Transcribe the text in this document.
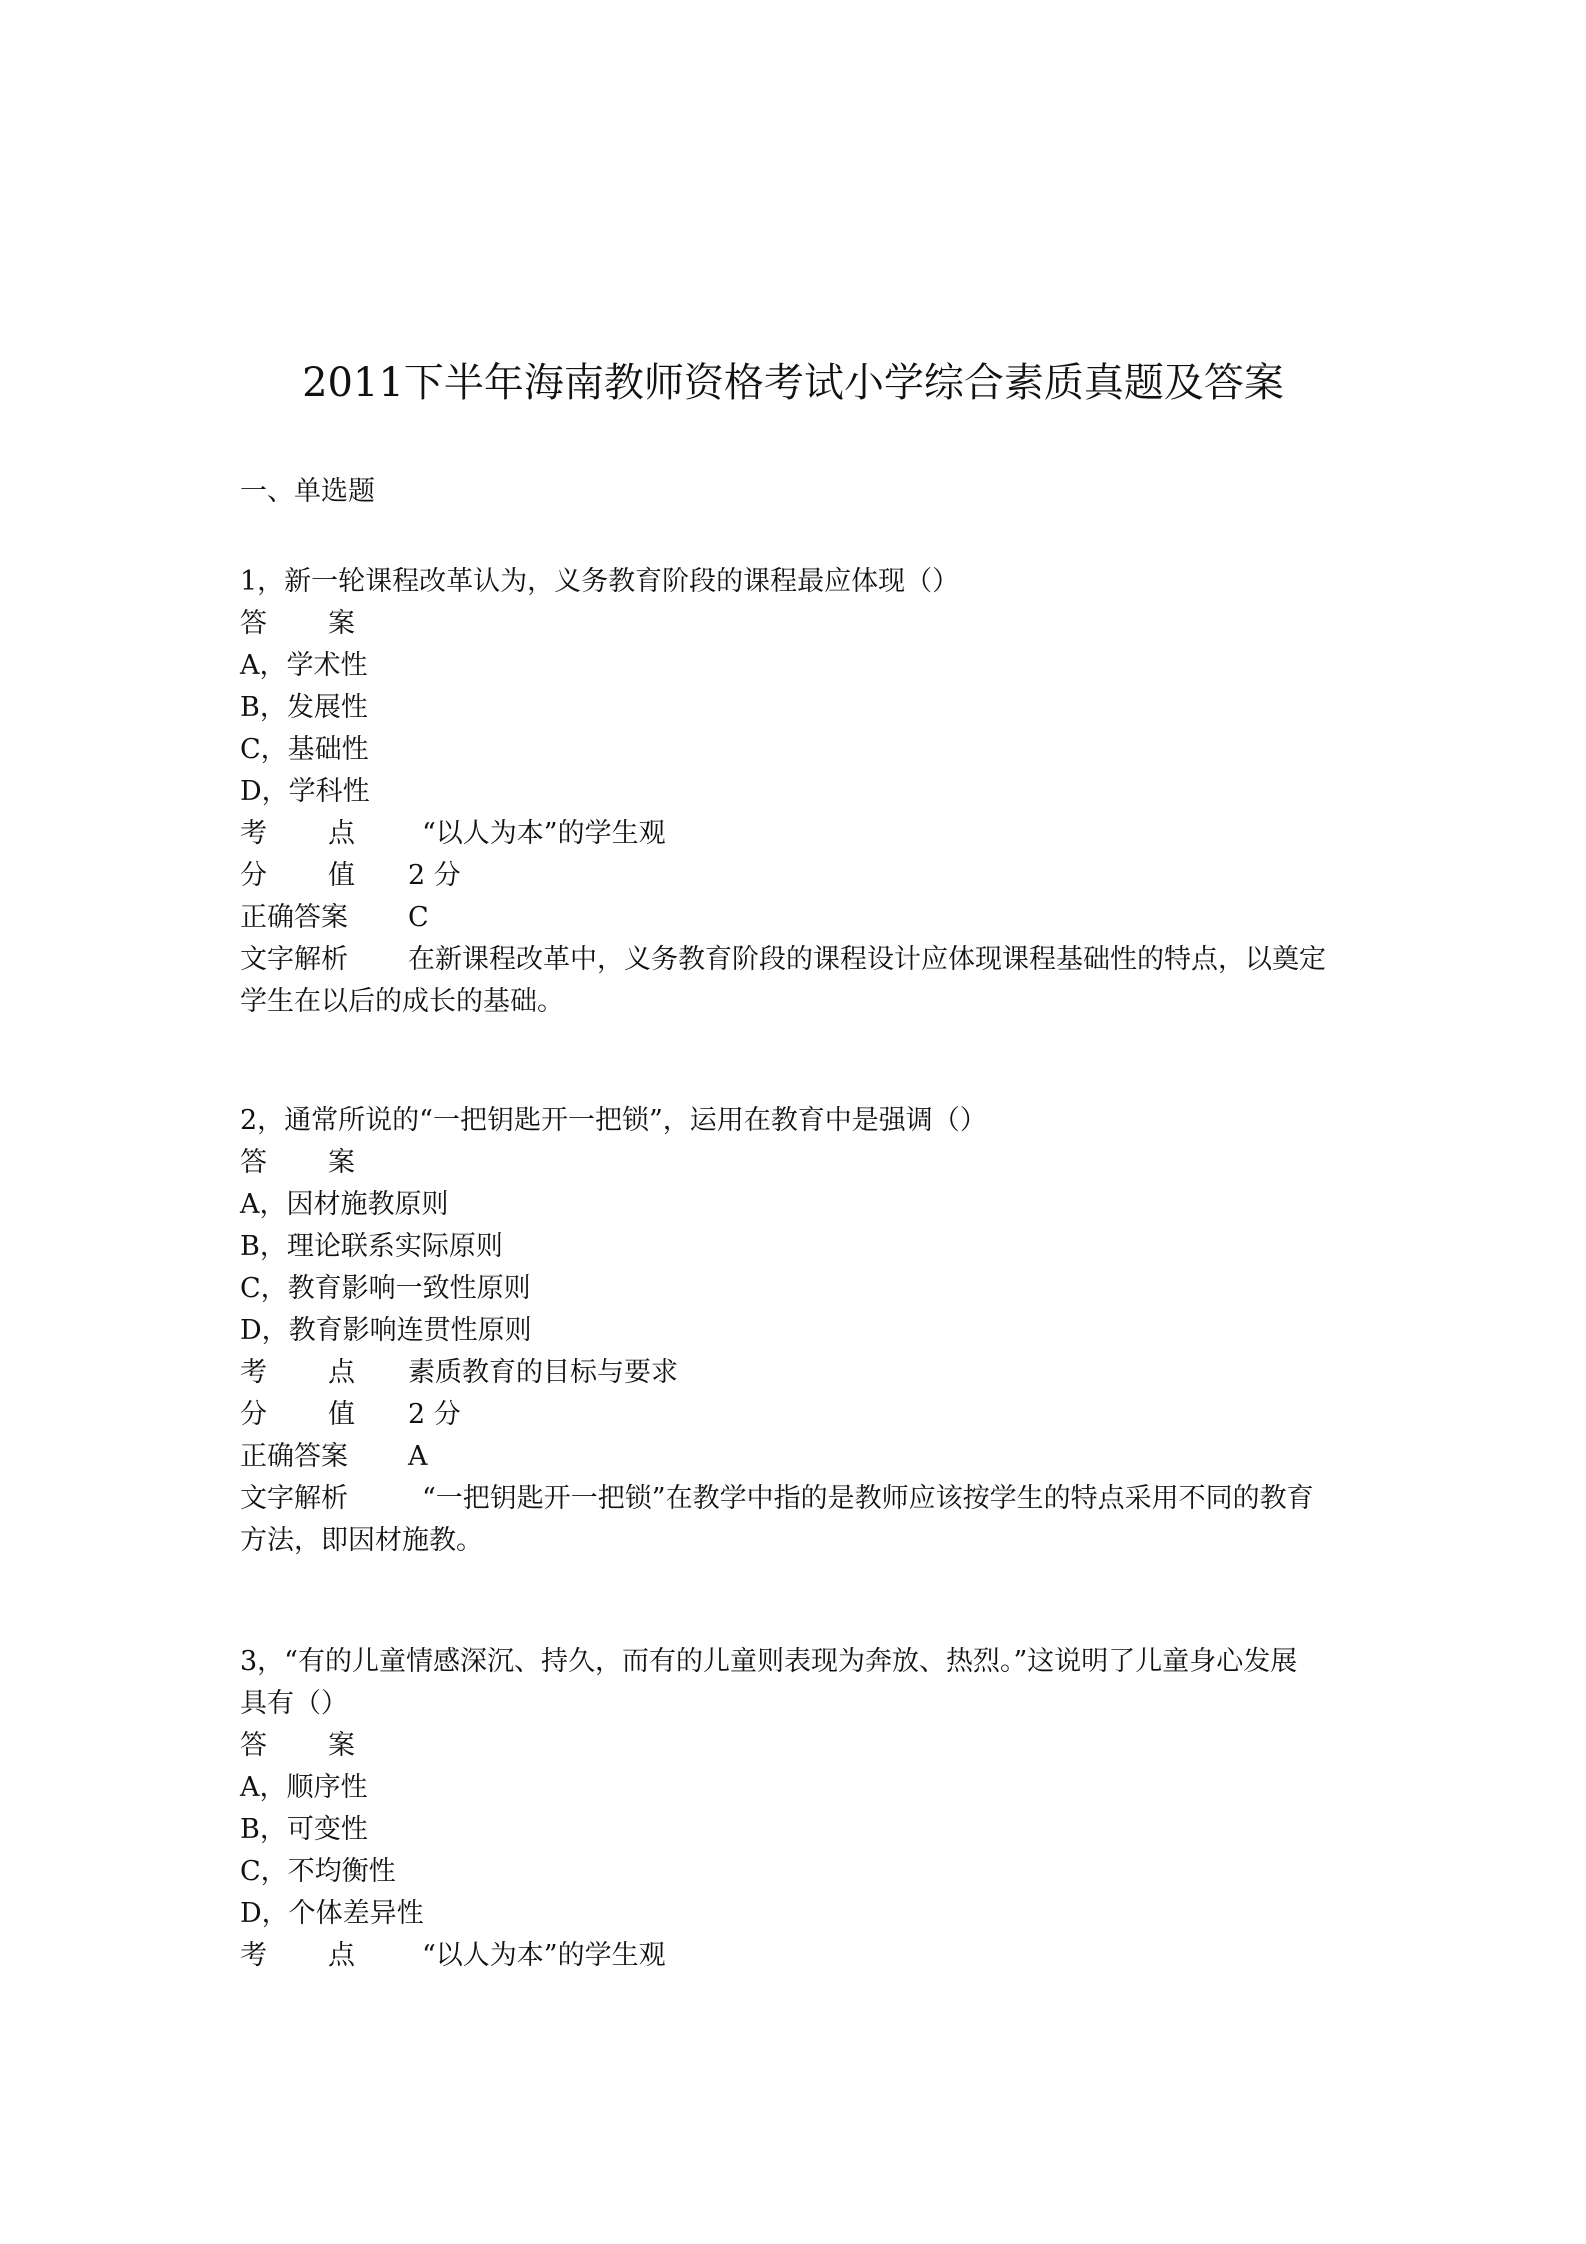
2011下半年海南教师资格考试小学综合素质真题及答案
一、单选题
1，新一轮课程改革认为，义务教育阶段的课程最应体现（）
答 案
A，学术性
B，发展性
C，基础性
D，学科性
考 点	“以人为本”的学生观
分 值	2 分
正确答案	C
文字解析 在新课程改革中，义务教育阶段的课程设计应体现课程基础性的特点，以奠定
学生在以后的成长的基础。
2，通常所说的“一把钥匙开一把锁”，运用在教育中是强调（）
答 案
A，因材施教原则
B，理论联系实际原则
C，教育影响一致性原则
D，教育影响连贯性原则
考 点	素质教育的目标与要求
分 值	2 分
正确答案	A
文字解析	“一把钥匙开一把锁”在教学中指的是教师应该按学生的特点采用不同的教育
方法，即因材施教。
3，“有的儿童情感深沉、持久，而有的儿童则表现为奔放、热烈。”这说明了儿童身心发展
具有（）
答 案
A，顺序性
B，可变性
C，不均衡性
D，个体差异性
考 点	“以人为本”的学生观
